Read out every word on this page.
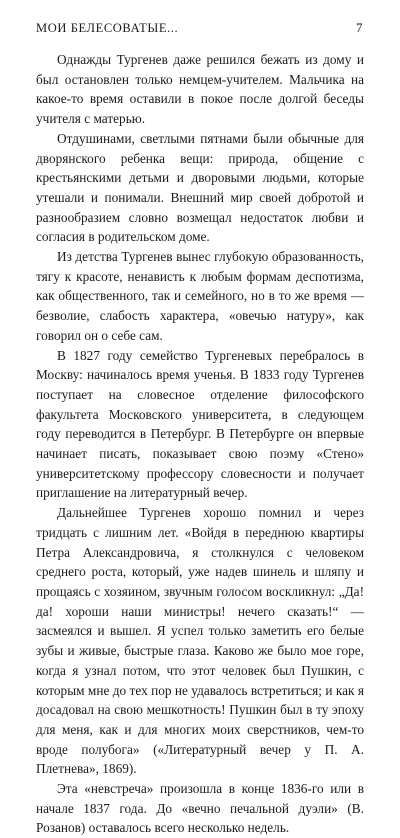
МОИ БЕЛЕСОВАТЫЕ...	7

Однажды Тургенев даже решился бежать из дому и был остановлен только немцем-учителем. Мальчика на какое-то время оставили в покое после долгой беседы учителя с матерью.

Отдушинами, светлыми пятнами были обычные для дворянского ребенка вещи: природа, общение с крестьянскими детьми и дворовыми людьми, которые утешали и понимали. Внешний мир своей добротой и разнообразием словно возмещал недостаток любви и согласия в родительском доме.

Из детства Тургенев вынес глубокую образованность, тягу к красоте, ненависть к любым формам деспотизма, как общественного, так и семейного, но в то же время — безволие, слабость характера, «овечью натуру», как говорил он о себе сам.

В 1827 году семейство Тургеневых перебралось в Москву: начиналось время ученья. В 1833 году Тургенев поступает на словесное отделение философского факультета Московского университета, в следующем году переводится в Петербург. В Петербурге он впервые начинает писать, показывает свою поэму «Стено» университетскому профессору словесности и получает приглашение на литературный вечер.

Дальнейшее Тургенев хорошо помнил и через тридцать с лишним лет. «Войдя в переднюю квартиры Петра Александровича, я столкнулся с человеком среднего роста, который, уже надев шинель и шляпу и прощаясь с хозяином, звучным голосом воскликнул: „Да! да! хороши наши министры! нечего сказать!“ — засмеялся и вышел. Я успел только заметить его белые зубы и живые, быстрые глаза. Каково же было мое горе, когда я узнал потом, что этот человек был Пушкин, с которым мне до тех пор не удавалось встретиться; и как я досадовал на свою мешкотность! Пушкин был в ту эпоху для меня, как и для многих моих сверстников, чем-то вроде полубога» («Литературный вечер у П. А. Плетнева», 1869).

Эта «невстреча» произошла в конце 1836-го или в начале 1837 года. До «вечно печальной дуэли» (В. Розанов) оставалось всего несколько недель.
